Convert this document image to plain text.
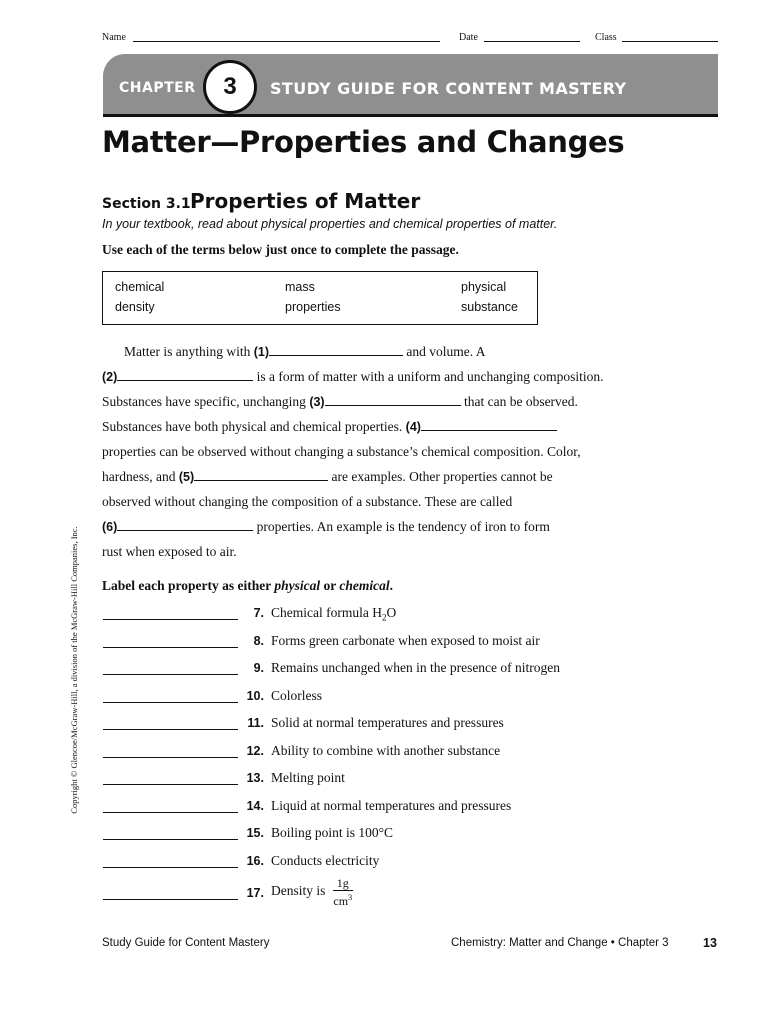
Name	Date	Class
CHAPTER	3	STUDY GUIDE FOR CONTENT MASTERY
Matter—Properties and Changes
Section 3.1 Properties of Matter
In your textbook, read about physical properties and chemical properties of matter.
Use each of the terms below just once to complete the passage.
chemical	mass	physical
density	properties	substance
Matter is anything with (1)	and volume. A
(2)	is a form of matter with a uniform and unchanging composition.
Substances have specific, unchanging (3)	that can be observed.
Substances have both physical and chemical properties. (4)
properties can be observed without changing a substance’s chemical composition. Color,
hardness, and (5)	are examples. Other properties cannot be
observed without changing the composition of a substance. These are called
(6)	properties. An example is the tendency of iron to form
rust when exposed to air.
Label each property as either physical or chemical.
7. Chemical formula $H_2O$
8. Forms green carbonate when exposed to moist air
9. Remains unchanged when in the presence of nitrogen
10. Colorless
11. Solid at normal temperatures and pressures
12. Ability to combine with another substance
13. Melting point
14. Liquid at normal temperatures and pressures
15. Boiling point is 100°C
16. Conducts electricity
17. Density is $\frac{1g}{cm^3}$
Copyright © Glencoe/McGraw-Hill, a division of the McGraw-Hill Companies, Inc.
Study Guide for Content Mastery	Chemistry: Matter and Change • Chapter 3	13
